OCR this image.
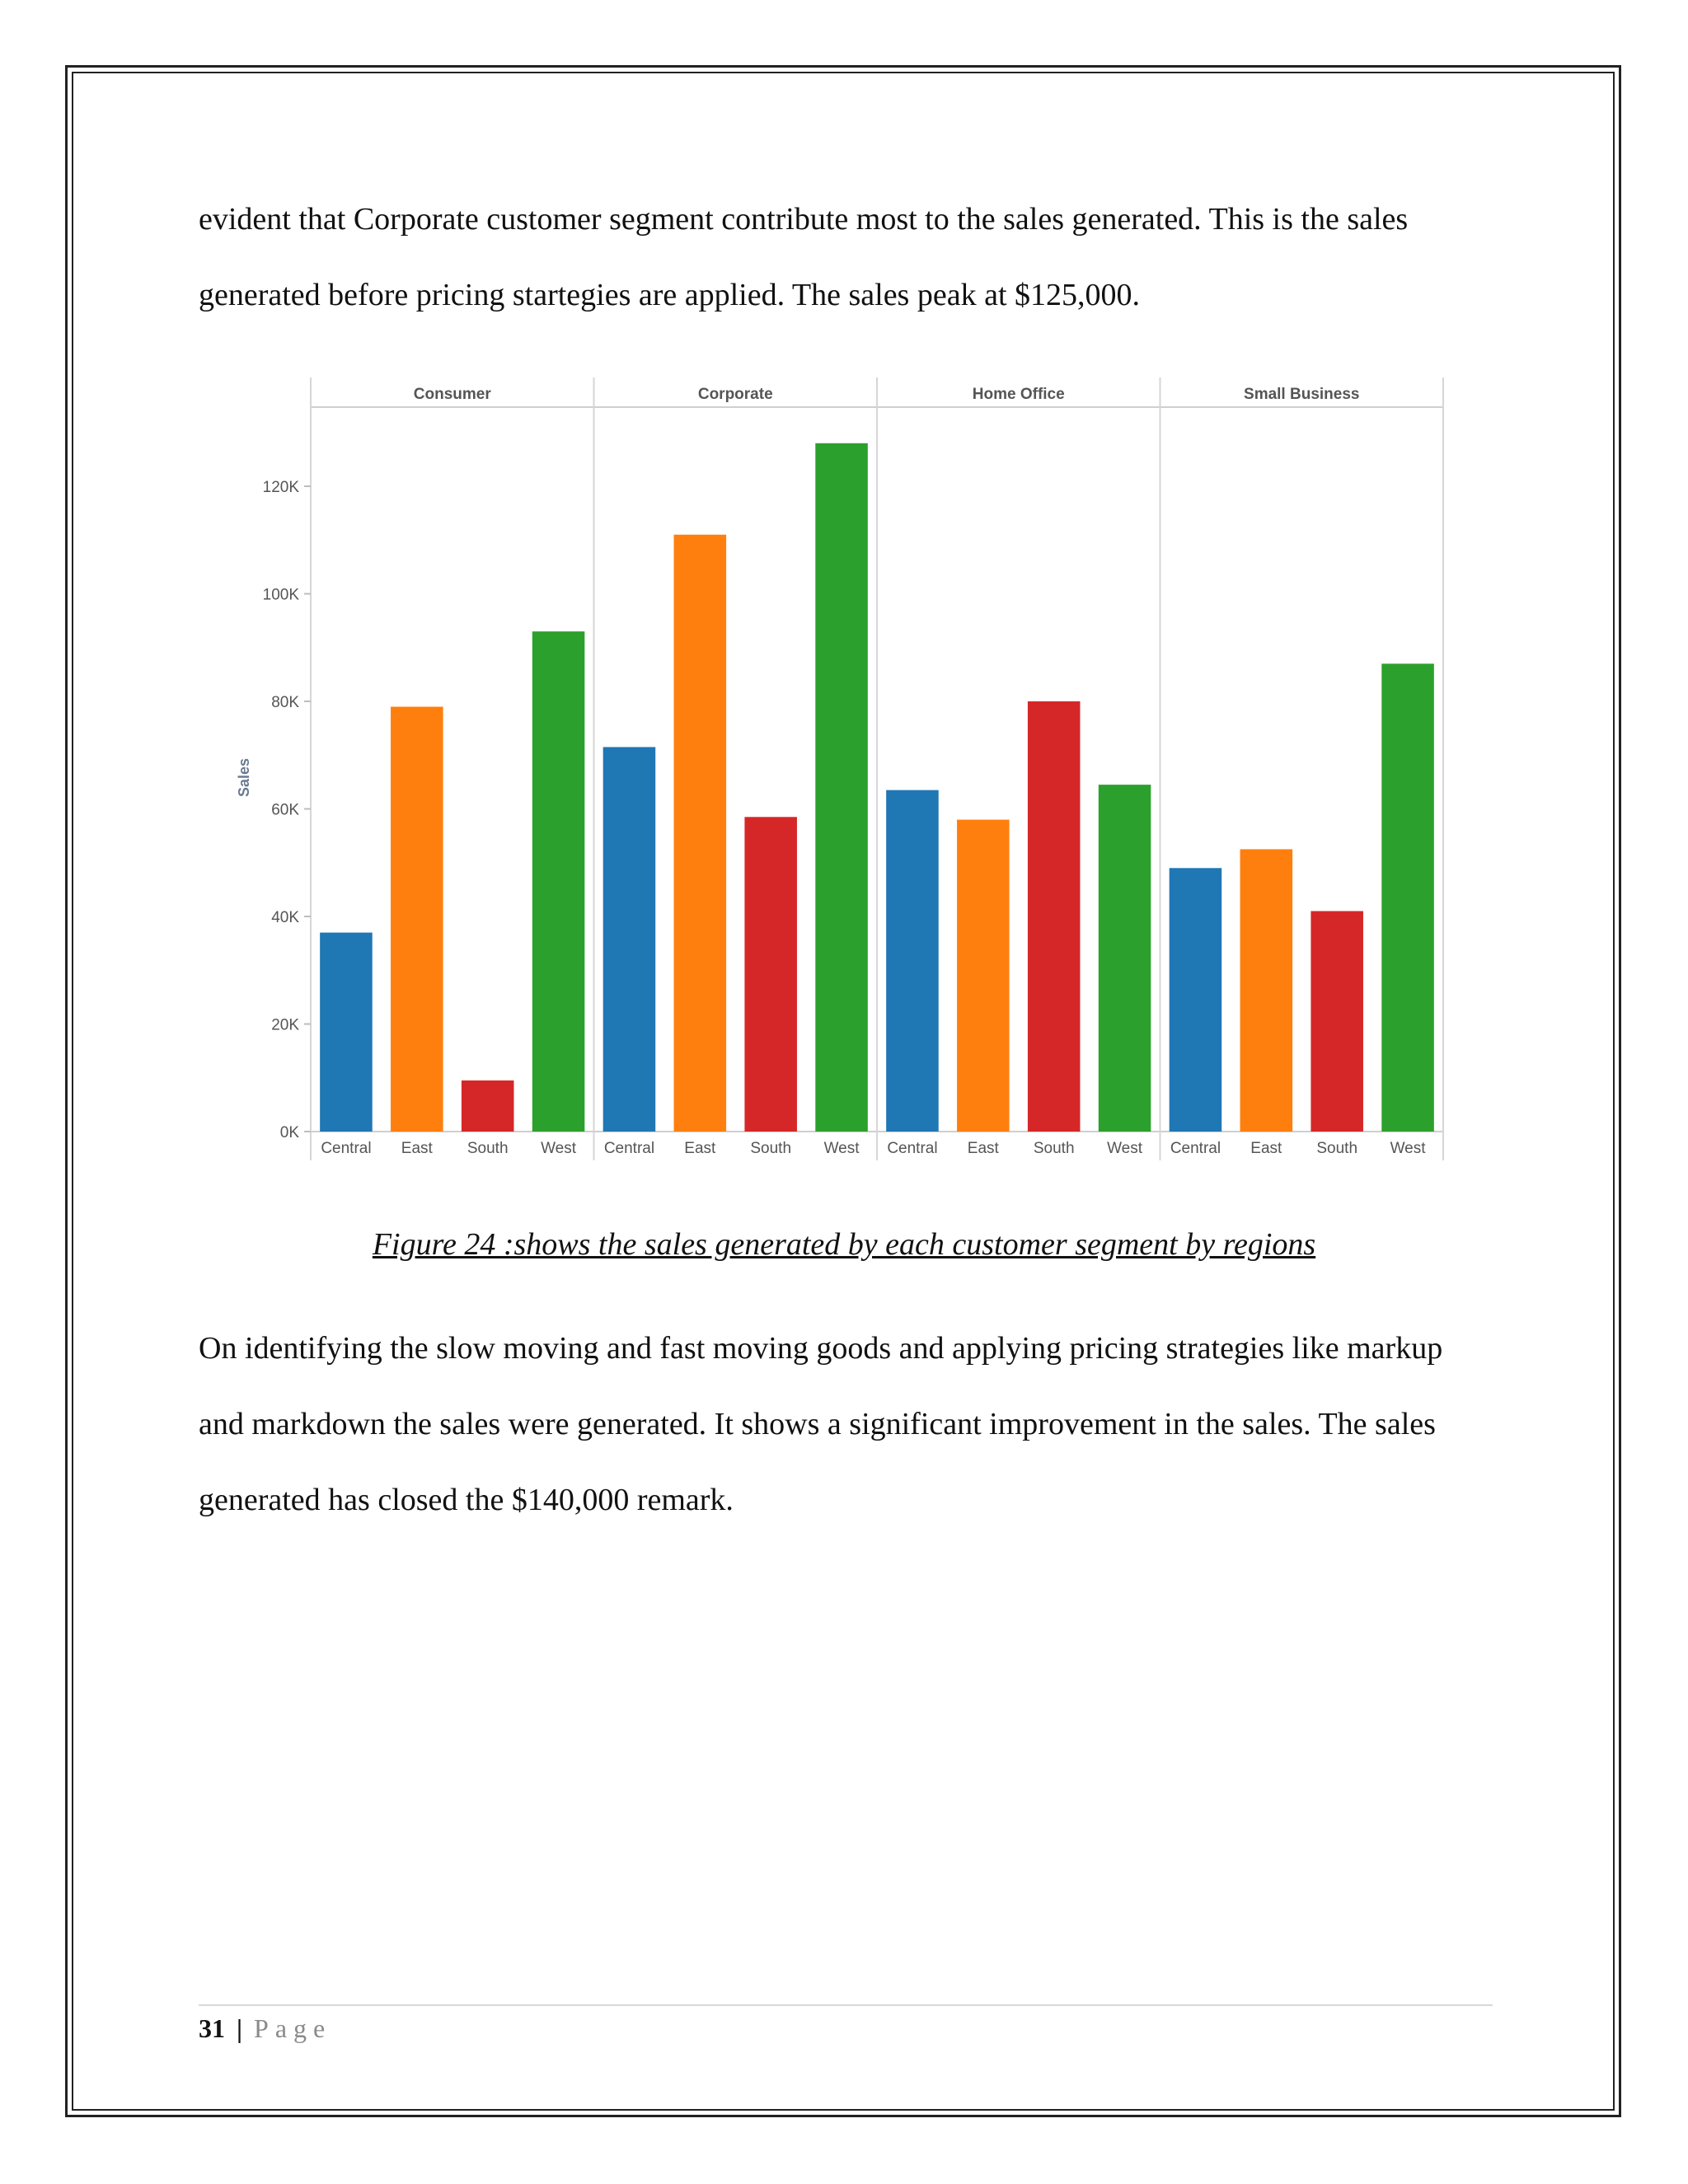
evident that Corporate customer segment contribute most to the sales generated. This is the sales generated before pricing startegies are applied. The sales peak at $125,000.

0K
20K
40K
60K
80K
100K
120K
Sales
Consumer
Central East South West
Corporate
Central East South West
Home Office
Central East South West
Small Business
Central East South West
Figure 24 :shows the sales generated by each customer segment by regions

On identifying the slow moving and fast moving goods and applying pricing strategies like markup and markdown the sales were generated. It shows a significant improvement in the sales. The sales generated has closed the $140,000 remark.

31 | Page
